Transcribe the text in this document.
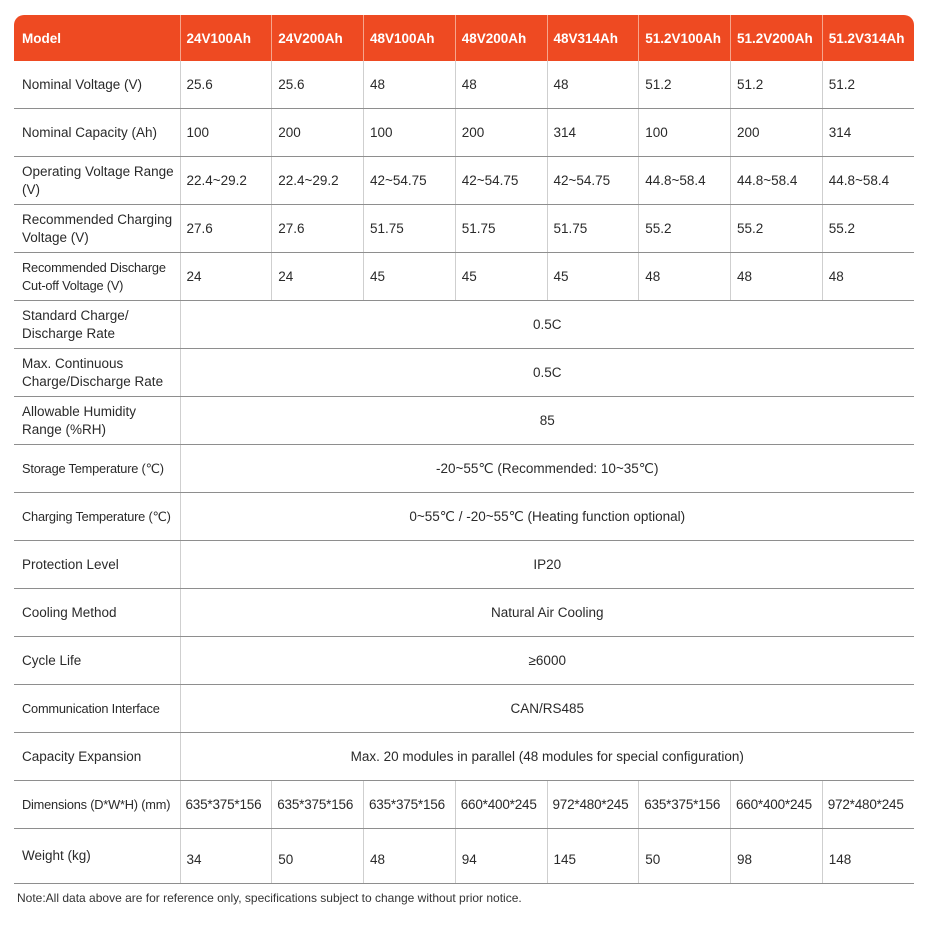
Model	24V100Ah	24V200Ah	48V100Ah	48V200Ah	48V314Ah	51.2V100Ah	51.2V200Ah	51.2V314Ah
Nominal Voltage (V)	25.6	25.6	48	48	48	51.2	51.2	51.2
Nominal Capacity (Ah)	100	200	100	200	314	100	200	314
Operating Voltage Range (V)	22.4~29.2	22.4~29.2	42~54.75	42~54.75	42~54.75	44.8~58.4	44.8~58.4	44.8~58.4
Recommended Charging Voltage (V)	27.6	27.6	51.75	51.75	51.75	55.2	55.2	55.2
Recommended Discharge Cut-off Voltage (V)	24	24	45	45	45	48	48	48
Standard Charge/ Discharge Rate	0.5C							
Max. Continuous Charge/Discharge Rate	0.5C							
Allowable Humidity Range (%RH)	85							
Storage Temperature (℃)	-20~55℃ (Recommended: 10~35℃)							
Charging Temperature (℃)	0~55℃ / -20~55℃ (Heating function optional)							
Protection Level	IP20							
Cooling Method	Natural Air Cooling							
Cycle Life	≥6000							
Communication Interface	CAN/RS485							
Capacity Expansion	Max. 20 modules in parallel (48 modules for special configuration)							
Dimensions (D*W*H) (mm)	635*375*156	635*375*156	635*375*156	660*400*245	972*480*245	635*375*156	660*400*245	972*480*245
Weight (kg)	34	50	48	94	145	50	98	148
Note:All data above are for reference only, specifications subject to change without prior notice.
